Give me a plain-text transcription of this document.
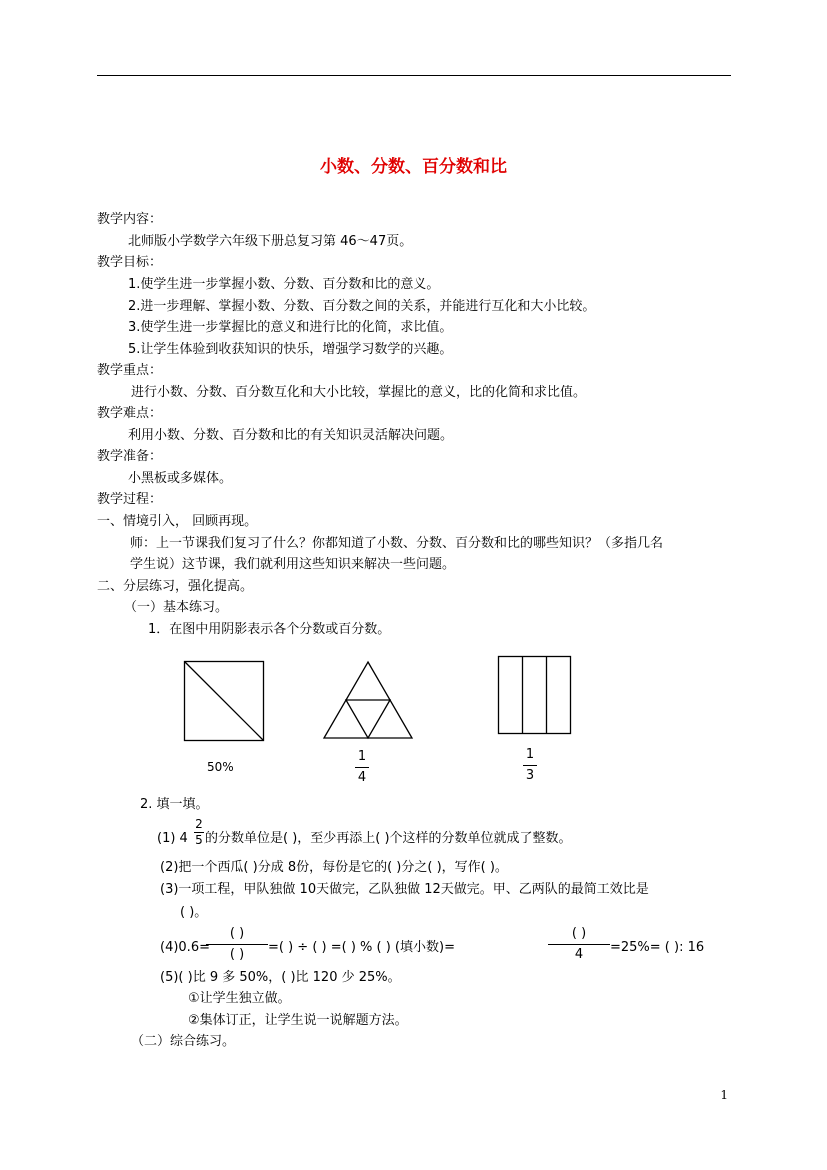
小数、分数、百分数和比
教学内容：
北师版小学数学六年级下册总复习第 46～47页。
教学目标：
1.使学生进一步掌握小数、分数、百分数和比的意义。
2.进一步理解、掌握小数、分数、百分数之间的关系，并能进行互化和大小比较。
3.使学生进一步掌握比的意义和进行比的化简，求比值。
5.让学生体验到收获知识的快乐，增强学习数学的兴趣。
教学重点：
进行小数、分数、百分数互化和大小比较，掌握比的意义，比的化简和求比值。
教学难点：
利用小数、分数、百分数和比的有关知识灵活解决问题。
教学准备：
小黑板或多媒体。
教学过程：
一、情境引入， 回顾再现。
师：上一节课我们复习了什么？你都知道了小数、分数、百分数和比的哪些知识？（多指几名
学生说）这节课，我们就利用这些知识来解决一些问题。
二、分层练习，强化提高。
（一）基本练习。
1．在图中用阴影表示各个分数或百分数。
50%
1
4
1
3
2. 填一填。
(1) 4
2
5 的分数单位是( )，至少再添上( )个这样的分数单位就成了整数。
(2)把一个西瓜( )分成 8份，每份是它的( )分之( )，写作( )。
(3)一项工程，甲队独做 10天做完，乙队独做 12天做完。甲、乙两队的最简工效比是
( )。
(4)0.6=
( )
( )	=( ) ÷ ( ) =( ) % ( ) (填小数)=
( )
4	=25%= ( ): 16
(5)( )比 9 多 50%，( )比 120 少 25%。
①让学生独立做。
②集体订正，让学生说一说解题方法。
（二）综合练习。
1
